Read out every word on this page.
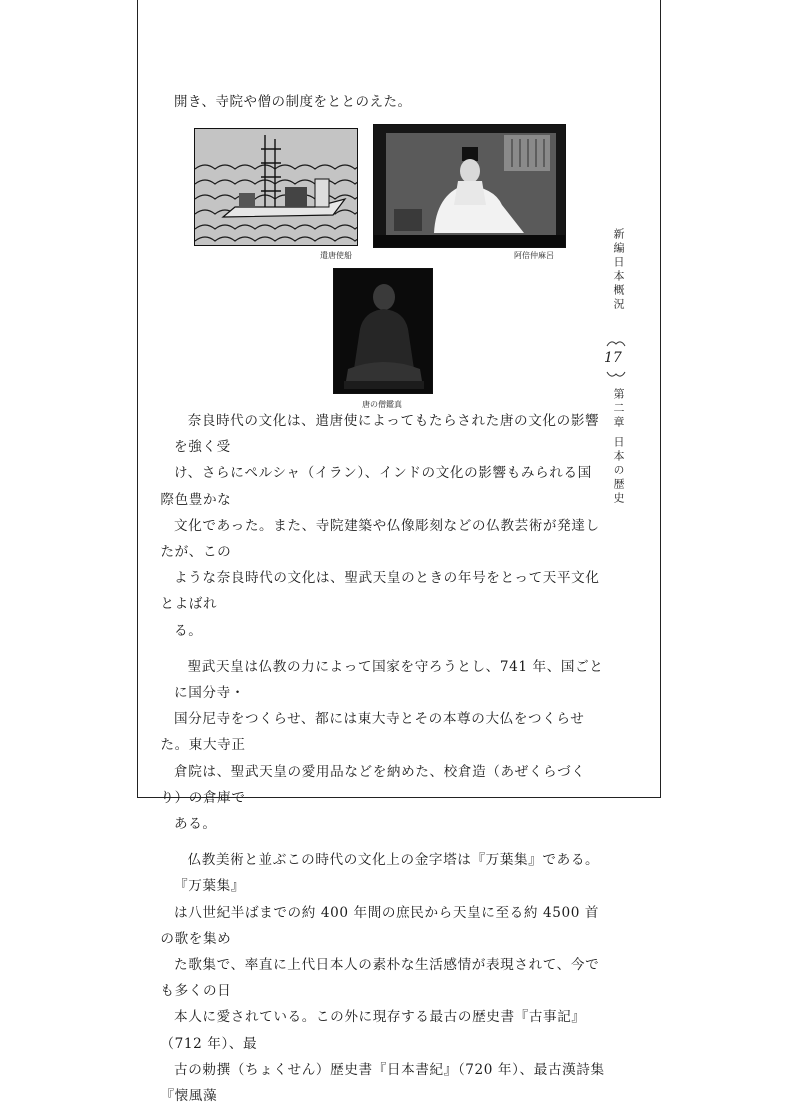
開き、寺院や僧の制度をととのえた。
遣唐使船	阿倍仲麻呂
唐の僧鑑真

奈良時代の文化は、遣唐使によってもたらされた唐の文化の影響を強く受
け、さらにペルシャ（イラン）、インドの文化の影響もみられる国際色豊かな
文化であった。また、寺院建築や仏像彫刻などの仏教芸術が発達したが、この
ような奈良時代の文化は、聖武天皇のときの年号をとって天平文化とよばれ
る。

聖武天皇は仏教の力によって国家を守ろうとし、741 年、国ごとに国分寺・
国分尼寺をつくらせ、都には東大寺とその本尊の大仏をつくらせた。東大寺正
倉院は、聖武天皇の愛用品などを納めた、校倉造（あぜくらづくり）の倉庫で
ある。

仏教美術と並ぶこの時代の文化上の金字塔は『万葉集』である。『万葉集』
は八世紀半ばまでの約 400 年間の庶民から天皇に至る約 4500 首の歌を集め
た歌集で、率直に上代日本人の素朴な生活感情が表現されて、今でも多くの日
本人に愛されている。この外に現存する最古の歴史書『古事記』（712 年）、最
古の勅撰（ちょくせん）歴史書『日本書紀』（720 年）、最古漢詩集『懐風藻

新編日本概況
17
第二章
日本の歴史
